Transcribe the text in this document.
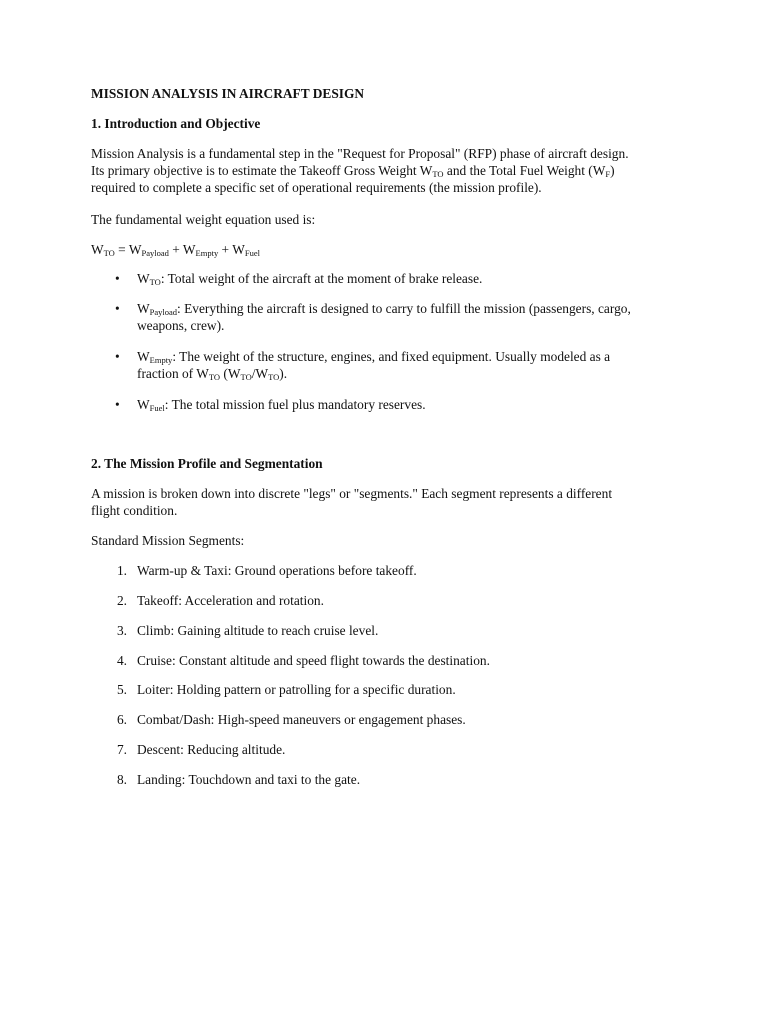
MISSION ANALYSIS IN AIRCRAFT DESIGN
1. Introduction and Objective
Mission Analysis is a fundamental step in the "Request for Proposal" (RFP) phase of aircraft design.
Its primary objective is to estimate the Takeoff Gross Weight $W_{TO}$ and the Total Fuel Weight $(W_F)$
required to complete a specific set of operational requirements (the mission profile).
The fundamental weight equation used is:
$W_{TO} = W_{Payload} + W_{Empty} + W_{Fuel}$
• $W_{TO}$: Total weight of the aircraft at the moment of brake release.
• $W_{Payload}$: Everything the aircraft is designed to carry to fulfill the mission (passengers, cargo,
weapons, crew).
• $W_{Empty}$: The weight of the structure, engines, and fixed equipment. Usually modeled as a
fraction of $W_{TO}$ $(W_{TO}/W_{TO})$.
• $W_{Fuel}$: The total mission fuel plus mandatory reserves.
2. The Mission Profile and Segmentation
A mission is broken down into discrete "legs" or "segments." Each segment represents a different
flight condition.
Standard Mission Segments:
1. Warm-up & Taxi: Ground operations before takeoff.
2. Takeoff: Acceleration and rotation.
3. Climb: Gaining altitude to reach cruise level.
4. Cruise: Constant altitude and speed flight towards the destination.
5. Loiter: Holding pattern or patrolling for a specific duration.
6. Combat/Dash: High-speed maneuvers or engagement phases.
7. Descent: Reducing altitude.
8. Landing: Touchdown and taxi to the gate.
